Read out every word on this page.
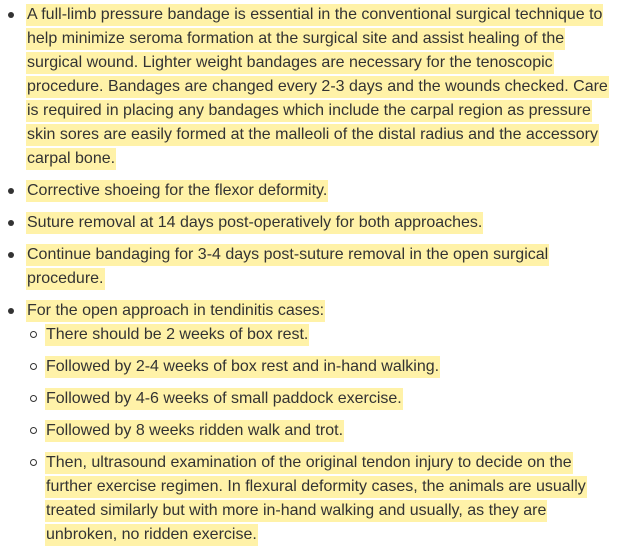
A full-limb pressure bandage is essential in the conventional surgical technique to help minimize seroma formation at the surgical site and assist healing of the surgical wound. Lighter weight bandages are necessary for the tenoscopic procedure. Bandages are changed every 2-3 days and the wounds checked. Care is required in placing any bandages which include the carpal region as pressure skin sores are easily formed at the malleoli of the distal radius and the accessory carpal bone.
Corrective shoeing for the flexor deformity.
Suture removal at 14 days post-operatively for both approaches.
Continue bandaging for 3-4 days post-suture removal in the open surgical procedure.
For the open approach in tendinitis cases:
There should be 2 weeks of box rest.
Followed by 2-4 weeks of box rest and in-hand walking.
Followed by 4-6 weeks of small paddock exercise.
Followed by 8 weeks ridden walk and trot.
Then, ultrasound examination of the original tendon injury to decide on the further exercise regimen. In flexural deformity cases, the animals are usually treated similarly but with more in-hand walking and usually, as they are unbroken, no ridden exercise.
